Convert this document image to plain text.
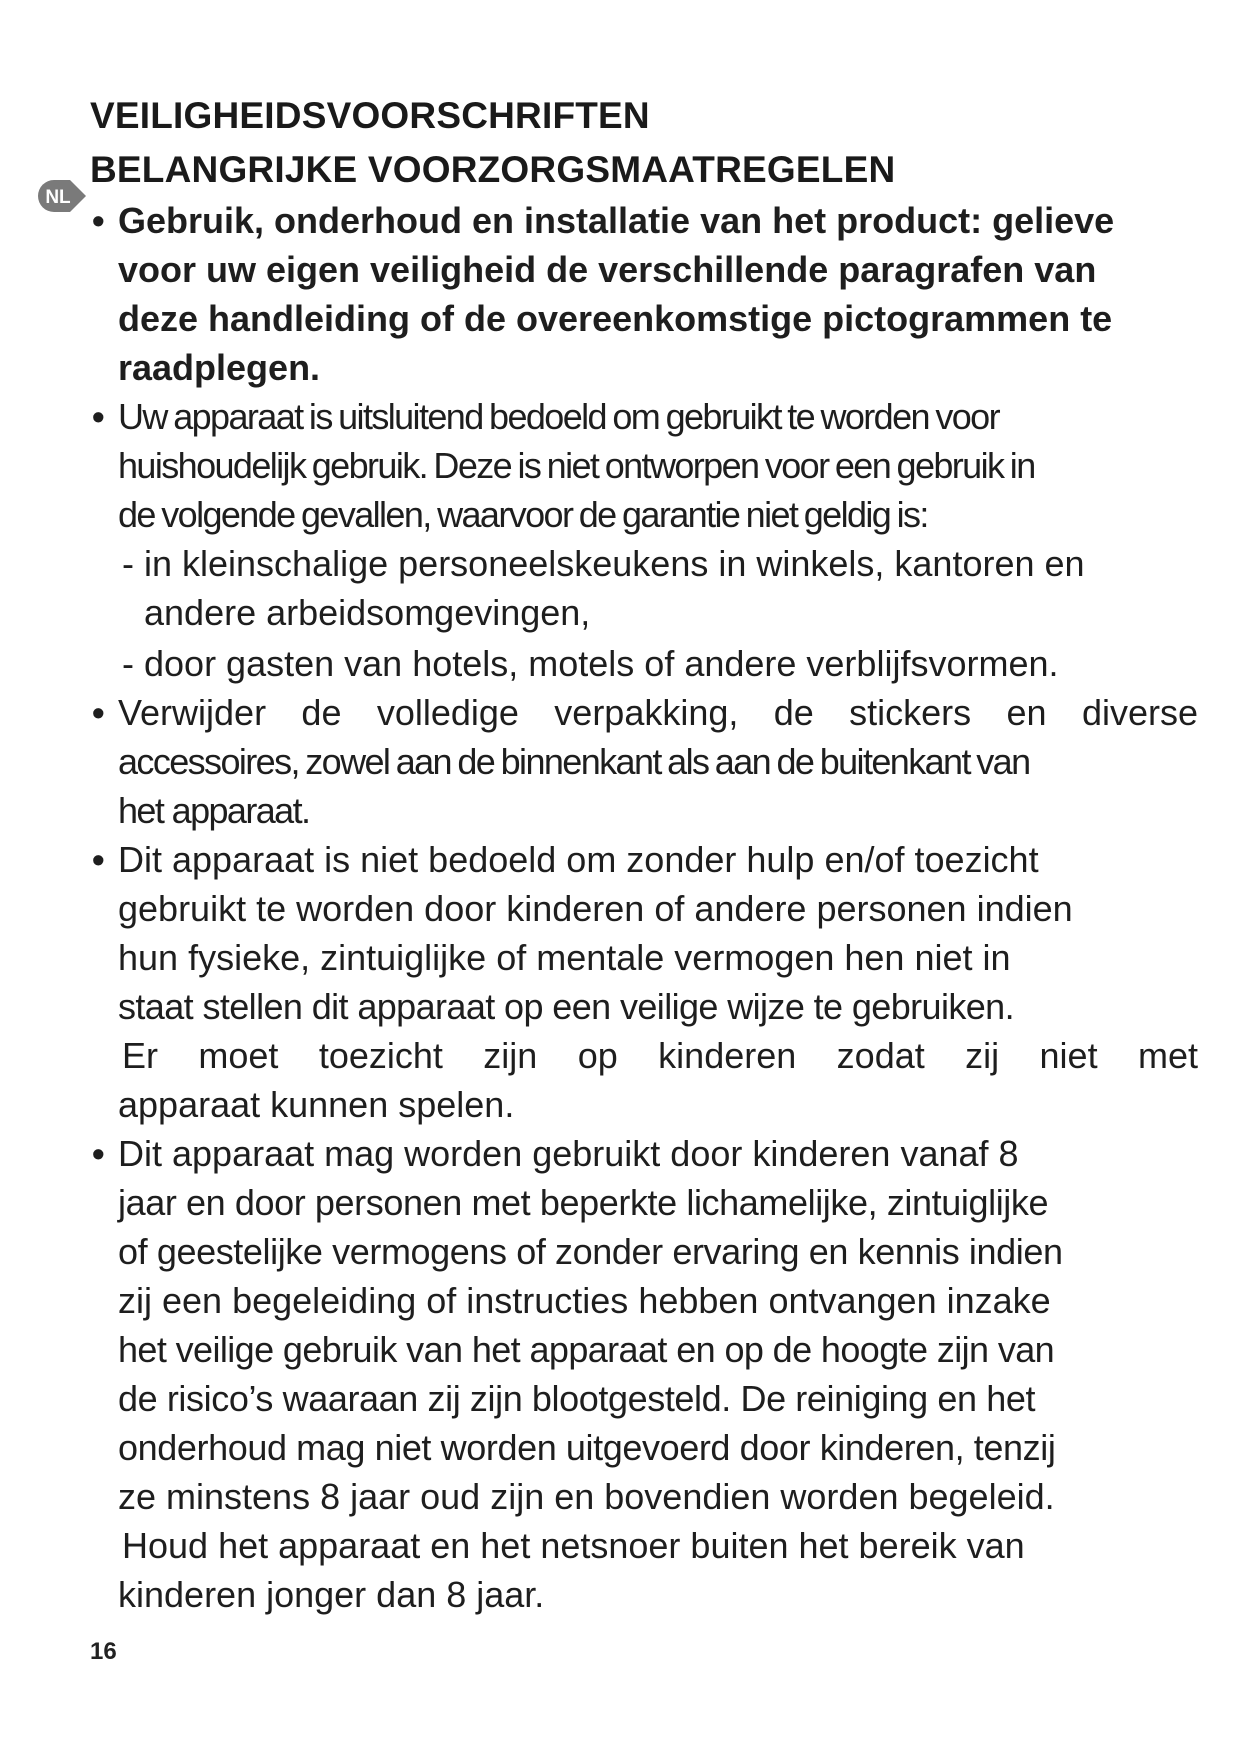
VEILIGHEIDSVOORSCHRIFTEN
BELANGRIJKE VOORZORGSMAATREGELEN
NL
• Gebruik, onderhoud en installatie van het product: gelieve
voor uw eigen veiligheid de verschillende paragrafen van
deze handleiding of de overeenkomstige pictogrammen te
raadplegen.
• Uw apparaat is uitsluitend bedoeld om gebruikt te worden voor
huishoudelijk gebruik. Deze is niet ontworpen voor een gebruik in
de volgende gevallen, waarvoor de garantie niet geldig is:
- in kleinschalige personeelskeukens in winkels, kantoren en
andere arbeidsomgevingen,
- door gasten van hotels, motels of andere verblijfsvormen.
• Verwijder de volledige verpakking, de stickers en diverse
accessoires, zowel aan de binnenkant als aan de buitenkant van
het apparaat.
• Dit apparaat is niet bedoeld om zonder hulp en/of toezicht
gebruikt te worden door kinderen of andere personen indien
hun fysieke, zintuiglijke of mentale vermogen hen niet in
staat stellen dit apparaat op een veilige wijze te gebruiken.
Er moet toezicht zijn op kinderen zodat zij niet met
apparaat kunnen spelen.
• Dit apparaat mag worden gebruikt door kinderen vanaf 8
jaar en door personen met beperkte lichamelijke, zintuiglijke
of geestelijke vermogens of zonder ervaring en kennis indien
zij een begeleiding of instructies hebben ontvangen inzake
het veilige gebruik van het apparaat en op de hoogte zijn van
de risico’s waaraan zij zijn blootgesteld. De reiniging en het
onderhoud mag niet worden uitgevoerd door kinderen, tenzij
ze minstens 8 jaar oud zijn en bovendien worden begeleid.
Houd het apparaat en het netsnoer buiten het bereik van
kinderen jonger dan 8 jaar.
16
